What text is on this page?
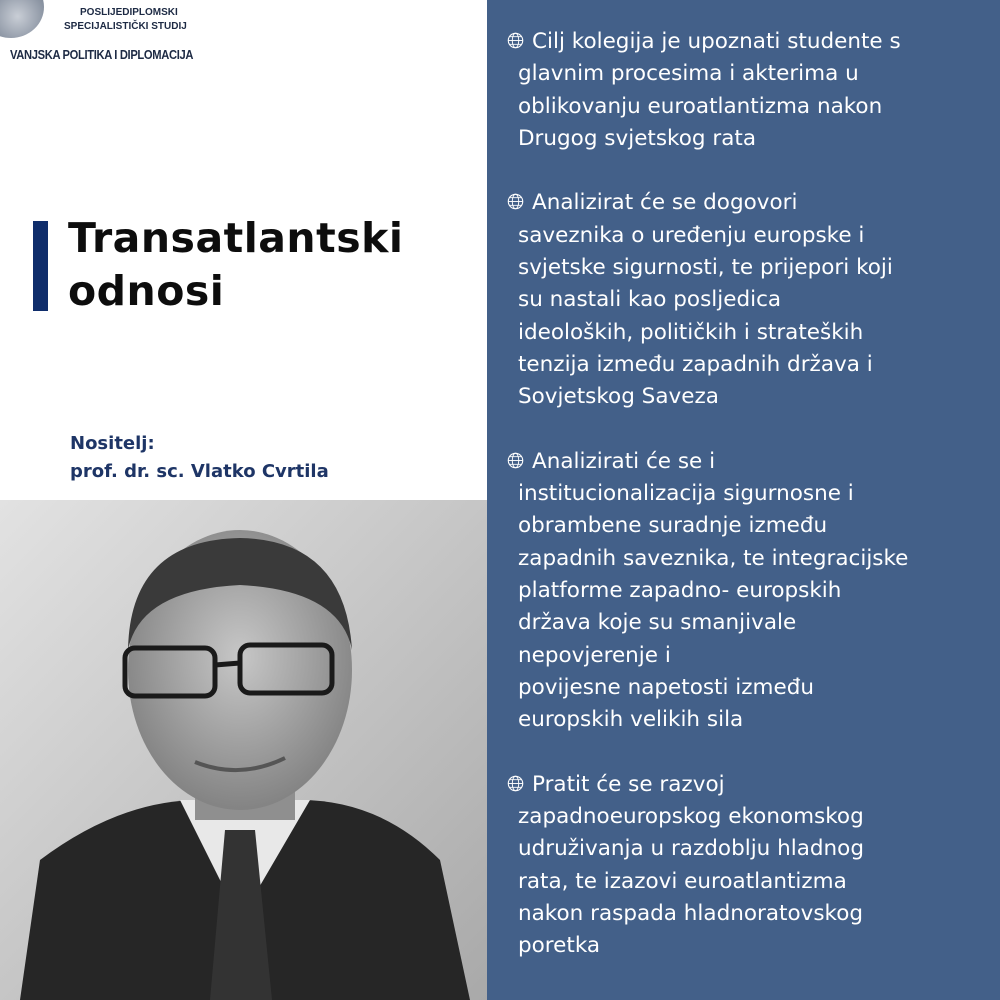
POSLIJEDIPLOMSKI
SPECIJALISTIČKI STUDIJ
VANJSKA POLITIKA I DIPLOMACIJA
Transatlantski
odnosi
Nositelj:
prof. dr. sc. Vlatko Cvrtila
Cilj kolegija je upoznati studente s
glavnim procesima i akterima u
oblikovanju euroatlantizma nakon
Drugog svjetskog rata
Analizirat će se dogovori
saveznika o uređenju europske i
svjetske sigurnosti, te prijepori koji
su nastali kao posljedica
ideoloških, političkih i strateških
tenzija između zapadnih država i
Sovjetskog Saveza
Analizirati će se i
institucionalizacija sigurnosne i
obrambene suradnje između
zapadnih saveznika, te integracijske
platforme zapadno- europskih
država koje su smanjivale
nepovjerenje i
povijesne napetosti između
europskih velikih sila
Pratit će se razvoj
zapadnoeuropskog ekonomskog
udruživanja u razdoblju hladnog
rata, te izazovi euroatlantizma
nakon raspada hladnoratovskog
poretka
